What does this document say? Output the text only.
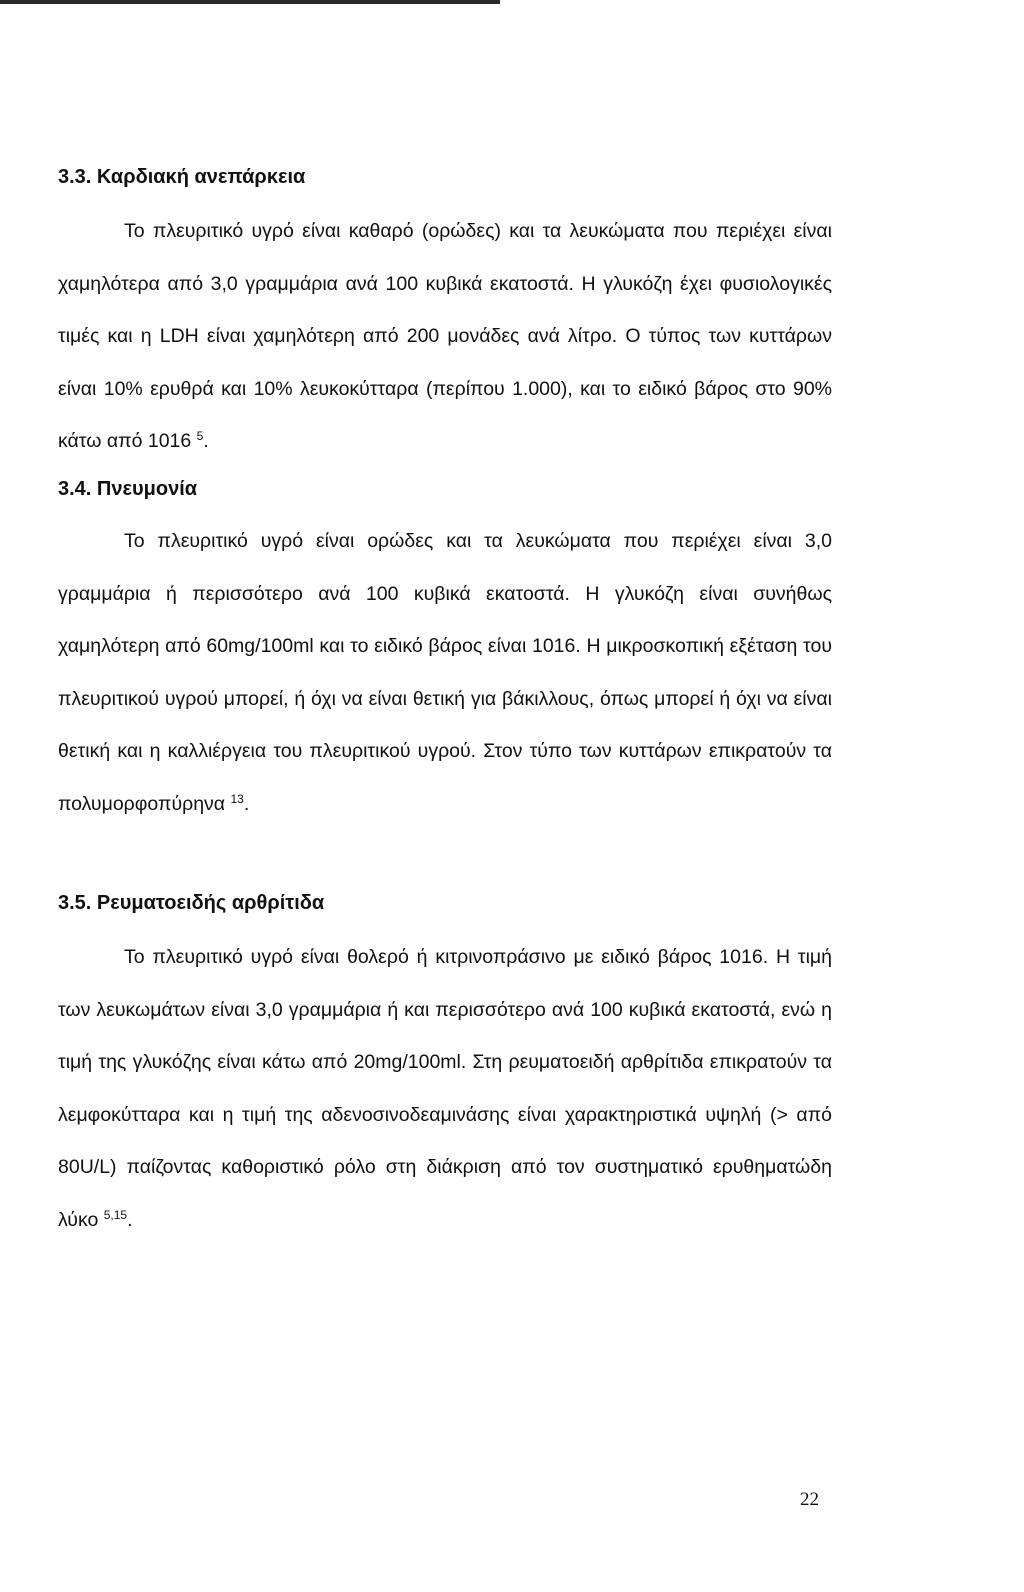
3.3. Καρδιακή ανεπάρκεια

Το πλευριτικό υγρό είναι καθαρό (ορώδες) και τα λευκώματα που περιέχει είναι χαμηλότερα από 3,0 γραμμάρια ανά 100 κυβικά εκατοστά. Η γλυκόζη έχει φυσιολογικές τιμές και η LDH είναι χαμηλότερη από 200 μονάδες ανά λίτρο. Ο τύπος των κυττάρων είναι 10% ερυθρά και 10% λευκοκύτταρα (περίπου 1.000), και το ειδικό βάρος στο 90% κάτω από 1016 $^5$.

3.4. Πνευμονία

Το πλευριτικό υγρό είναι ορώδες και τα λευκώματα που περιέχει είναι 3,0 γραμμάρια ή περισσότερο ανά 100 κυβικά εκατοστά. Η γλυκόζη είναι συνήθως χαμηλότερη από 60mg/100ml και το ειδικό βάρος είναι 1016. Η μικροσκοπική εξέταση του πλευριτικού υγρού μπορεί, ή όχι να είναι θετική για βάκιλλους, όπως μπορεί ή όχι να είναι θετική και η καλλιέργεια του πλευριτικού υγρού. Στον τύπο των κυττάρων επικρατούν τα πολυμορφοπύρηνα $^{13}$.

3.5. Ρευματοειδής αρθρίτιδα

Το πλευριτικό υγρό είναι θολερό ή κιτρινοπράσινο με ειδικό βάρος 1016. Η τιμή των λευκωμάτων είναι 3,0 γραμμάρια ή και περισσότερο ανά 100 κυβικά εκατοστά, ενώ η τιμή της γλυκόζης είναι κάτω από 20mg/100ml. Στη ρευματοειδή αρθρίτιδα επικρατούν τα λεμφοκύτταρα και η τιμή της αδενοσινοδεαμινάσης είναι χαρακτηριστικά υψηλή (> από 80U/L) παίζοντας καθοριστικό ρόλο στη διάκριση από τον συστηματικό ερυθηματώδη λύκο $^{5,15}$.

22
